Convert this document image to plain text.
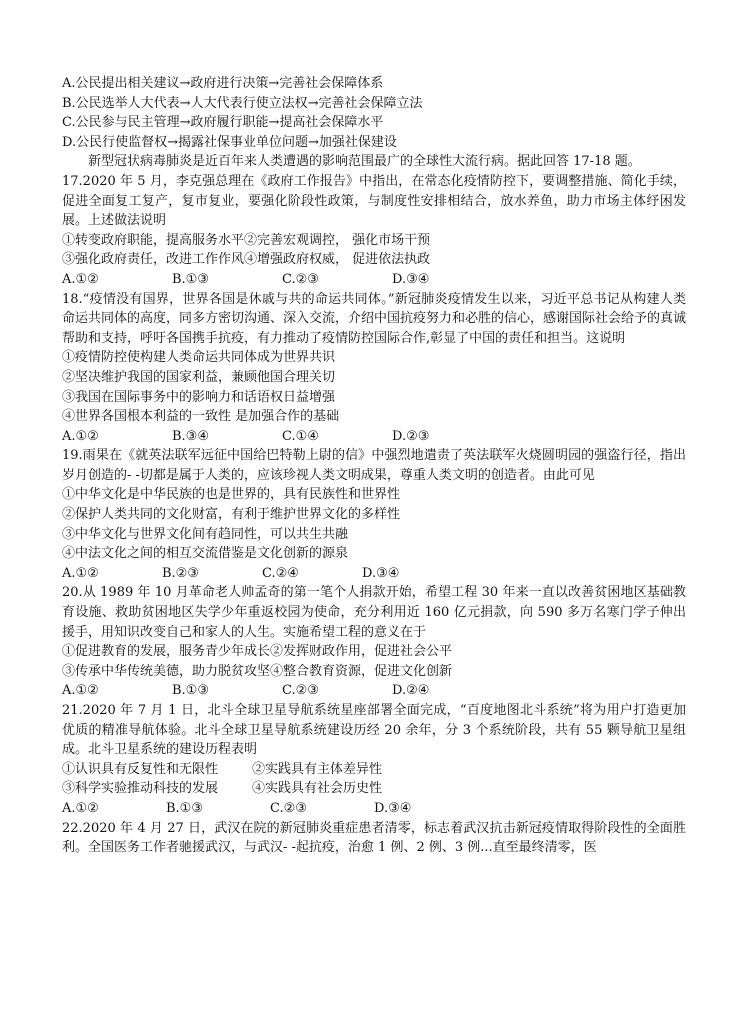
A.公民提出相关建议→政府进行决策→完善社会保障体系
B.公民选举人大代表→人大代表行使立法权→完善社会保障立法
C.公民参与民主管理→政府履行职能→提高社会保障水平
D.公民行使监督权→揭露社保事业单位问题→加强社保建设
新型冠状病毒肺炎是近百年来人类遭遇的影响范围最广的全球性大流行病。据此回答 17-18 题。
17.2020 年 5 月，李克强总理在《政府工作报告》中指出，在常态化疫情防控下，要调整措施、简化手续，促进全面复工复产，复市复业，要强化阶段性政策，与制度性安排相结合，放水养鱼，助力市场主体纾困发展。上述做法说明
①转变政府职能，提高服务水平②完善宏观调控， 强化市场干预
③强化政府责任，改进工作作风④增强政府权威， 促进依法执政
A.①②	B.①③	C.②③	D.③④
18.“疫情没有国界，世界各国是休戚与共的命运共同体。”新冠肺炎疫情发生以来，习近平总书记从构建人类命运共同体的高度，同多方密切沟通、深入交流，介绍中国抗疫努力和必胜的信心，感谢国际社会给予的真诚帮助和支持，呼吁各国携手抗疫，有力推动了疫情防控国际合作,彰显了中国的责任和担当。这说明
①疫情防控使构建人类命运共同体成为世界共识
②坚决维护我国的国家利益，兼顾他国合理关切
③我国在国际事务中的影响力和话语权日益增强
④世界各国根本利益的一致性 是加强合作的基础
A.①②	B.③④	C.①④	D.②③
19.雨果在《就英法联军远征中国给巴特勒上尉的信》中强烈地遣责了英法联军火烧圆明园的强盗行径，指出岁月创造的- -切都是属于人类的，应该珍视人类文明成果，尊重人类文明的创造者。由此可见
①中华文化是中华民族的也是世界的，具有民族性和世界性
②保护人类共同的文化财富，有利于维护世界文化的多样性
③中华文化与世界文化间有趋同性，可以共生共融
④中法文化之间的相互交流借鉴是文化创新的源泉
A.①②	B.②③	C.②④	D.③④
20.从 1989 年 10 月革命老人帅孟奇的第一笔个人捐款开始，希望工程 30 年来一直以改善贫困地区基础教育设施、救助贫困地区失学少年重返校园为使命，充分利用近 160 亿元捐款，向 590 多万名寒门学子伸出援手，用知识改变自己和家人的人生。实施希望工程的意义在于
①促进教育的发展，服务青少年成长②发挥财政作用，促进社会公平
③传承中华传统美德，助力脱贫攻坚④整合教育资源，促进文化创新
A.①②	B.①③	C.②③	D.②④
21.2020 年 7 月 1 日，北斗全球卫星导航系统星座部署全面完成，“百度地图北斗系统”将为用户打造更加优质的精准导航体验。北斗全球卫星导航系统建设历经 20 余年，分 3 个系统阶段，共有 55 颗导航卫星组成。北斗卫星系统的建设历程表明
①认识具有反复性和无限性	②实践具有主体差异性
③科学实验推动科技的发展	④实践具有社会历史性
A.①②	B.①③	C.②③	D.③④
22.2020 年 4 月 27 日，武汉在院的新冠肺炎重症患者清零，标志着武汉抗击新冠疫情取得阶段性的全面胜利。全国医务工作者驰援武汉，与武汉- -起抗疫，治愈 1 例、2 例、3 例...直至最终清零，医
